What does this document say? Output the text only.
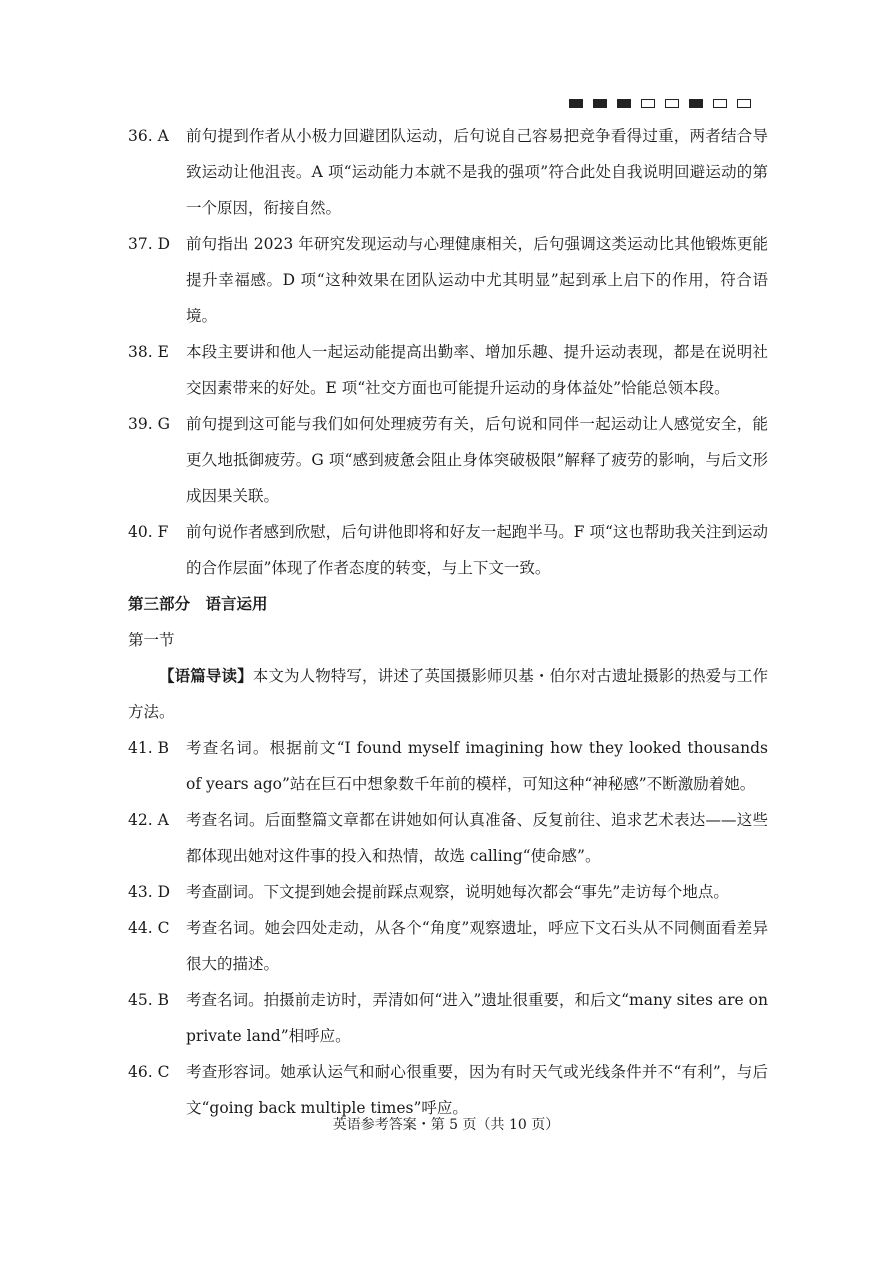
36. A	前句提到作者从小极力回避团队运动，后句说自己容易把竞争看得过重，两者结合导致运动让他沮丧。A 项“运动能力本就不是我的强项”符合此处自我说明回避运动的第一个原因，衔接自然。
37. D	前句指出 2023 年研究发现运动与心理健康相关，后句强调这类运动比其他锻炼更能提升幸福感。D 项“这种效果在团队运动中尤其明显”起到承上启下的作用，符合语境。
38. E	本段主要讲和他人一起运动能提高出勤率、增加乐趣、提升运动表现，都是在说明社交因素带来的好处。E 项“社交方面也可能提升运动的身体益处”恰能总领本段。
39. G	前句提到这可能与我们如何处理疲劳有关，后句说和同伴一起运动让人感觉安全，能更久地抵御疲劳。G 项“感到疲惫会阻止身体突破极限”解释了疲劳的影响，与后文形成因果关联。
40. F	前句说作者感到欣慰，后句讲他即将和好友一起跑半马。F 项“这也帮助我关注到运动的合作层面”体现了作者态度的转变，与上下文一致。
第三部分　语言运用
第一节
【语篇导读】本文为人物特写，讲述了英国摄影师贝基・伯尔对古遗址摄影的热爱与工作方法。
41. B	考查名词。根据前文“I found myself imagining how they looked thousands of years ago”站在巨石中想象数千年前的模样，可知这种“神秘感”不断激励着她。
42. A	考查名词。后面整篇文章都在讲她如何认真准备、反复前往、追求艺术表达——这些都体现出她对这件事的投入和热情，故选 calling“使命感”。
43. D	考查副词。下文提到她会提前踩点观察，说明她每次都会“事先”走访每个地点。
44. C	考查名词。她会四处走动，从各个“角度”观察遗址，呼应下文石头从不同侧面看差异很大的描述。
45. B	考查名词。拍摄前走访时，弄清如何“进入”遗址很重要，和后文“many sites are on private land”相呼应。
46. C	考查形容词。她承认运气和耐心很重要，因为有时天气或光线条件并不“有利”，与后文“going back multiple times”呼应。
英语参考答案・第 5 页（共 10 页）
